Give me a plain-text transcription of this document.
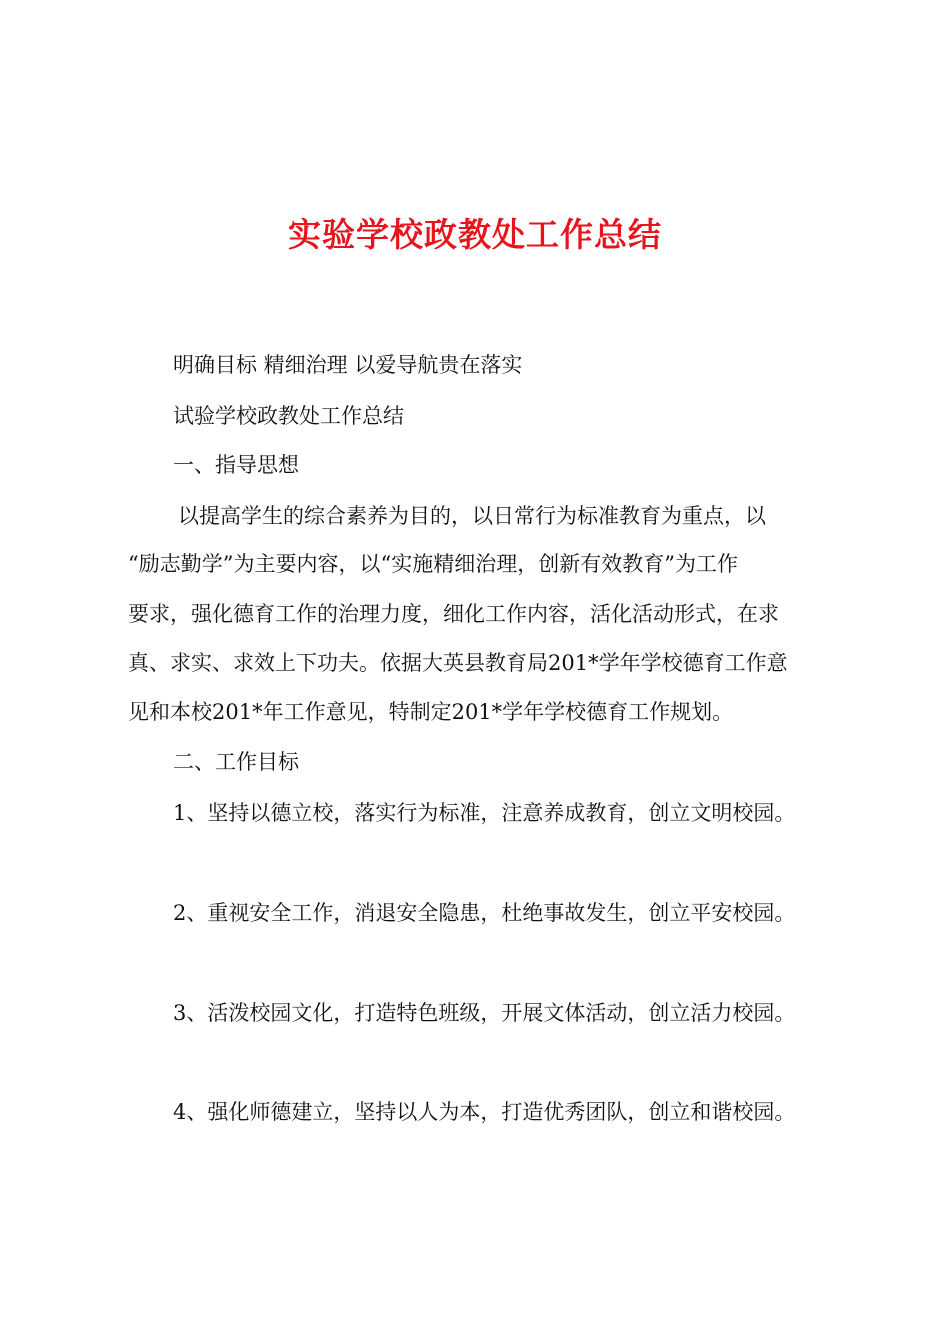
实验学校政教处工作总结
明确目标 精细治理 以爱导航贵在落实
试验学校政教处工作总结
一、指导思想
以提高学生的综合素养为目的，以日常行为标准教育为重点，以
“励志勤学”为主要内容，以“实施精细治理，创新有效教育”为工作
要求，强化德育工作的治理力度，细化工作内容，活化活动形式，在求
真、求实、求效上下功夫。依据大英县教育局201*学年学校德育工作意
见和本校201*年工作意见，特制定201*学年学校德育工作规划。
二、工作目标
1、坚持以德立校，落实行为标准，注意养成教育，创立文明校园。
2、重视安全工作，消退安全隐患，杜绝事故发生，创立平安校园。
3、活泼校园文化，打造特色班级，开展文体活动，创立活力校园。
4、强化师德建立，坚持以人为本，打造优秀团队，创立和谐校园。
